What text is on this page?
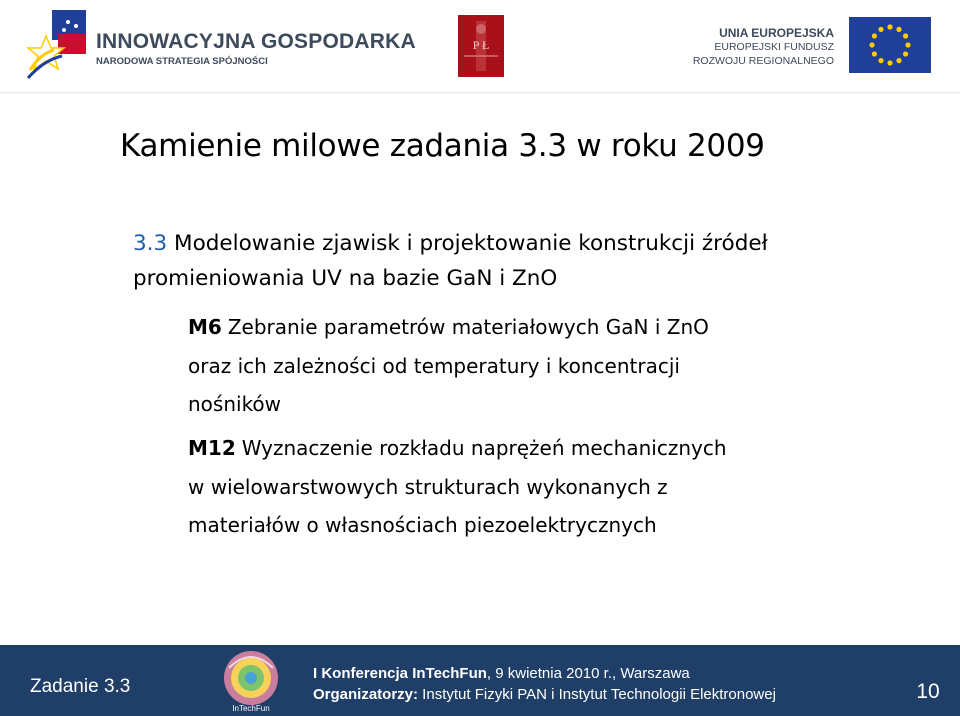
INNOWACYJNA GOSPODARKA
NARODOWA STRATEGIA SPÓJNOŚCI
P Ł
UNIA EUROPEJSKA
EUROPEJSKI FUNDUSZ
ROZWOJU REGIONALNEGO
Kamienie milowe zadania 3.3 w roku 2009
3.3 Modelowanie zjawisk i projektowanie konstrukcji źródeł promieniowania UV na bazie GaN i ZnO
M6 Zebranie parametrów materiałowych GaN i ZnO oraz ich zależności od temperatury i koncentracji nośników
M12 Wyznaczenie rozkładu naprężeń mechanicznych w wielowarstwowych strukturach wykonanych z materiałów o własnościach piezoelektrycznych
Zadanie 3.3
InTechFun
I Konferencja InTechFun, 9 kwietnia 2010 r., Warszawa
Organizatorzy: Instytut Fizyki PAN i Instytut Technologii Elektronowej	10
